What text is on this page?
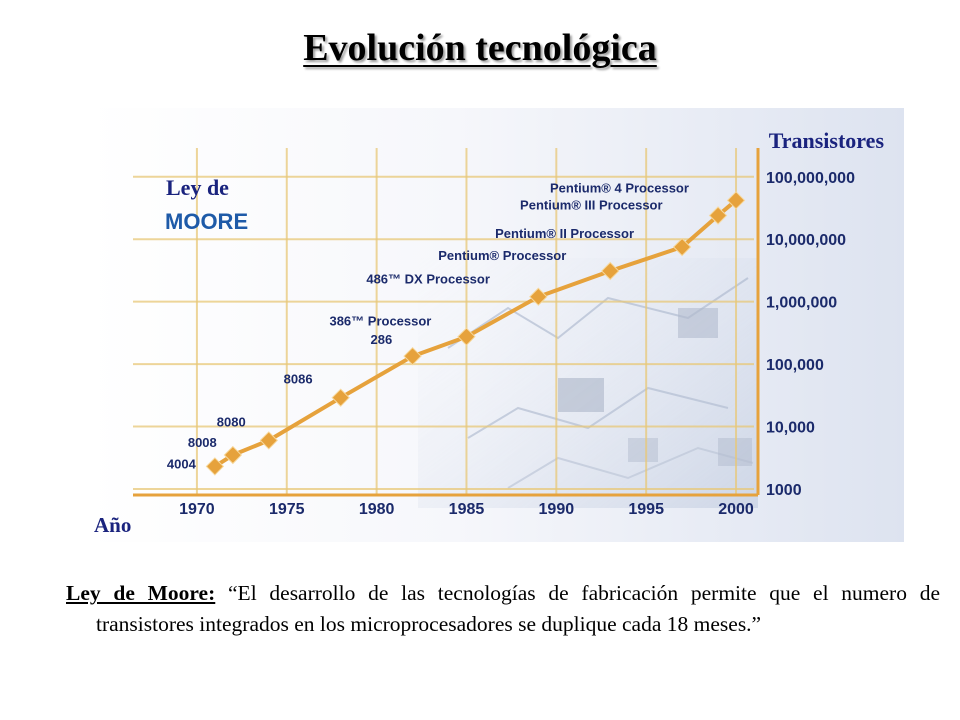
Evolución tecnológica
1970	1975	1980	1985	1990	1995	2000
1000
10,000
100,000
1,000,000
10,000,000
100,000,000
4004
8008
8080
8086
286
386™ Processor
486™ DX Processor
Pentium® Processor
Pentium® II Processor
Pentium® III Processor
Pentium® 4 Processor
Transistores
Año
Ley de
MOORE

Ley de Moore: “El desarrollo de las tecnologías de fabricación permite que el numero de transistores integrados en los microprocesadores se duplique cada 18 meses.”
